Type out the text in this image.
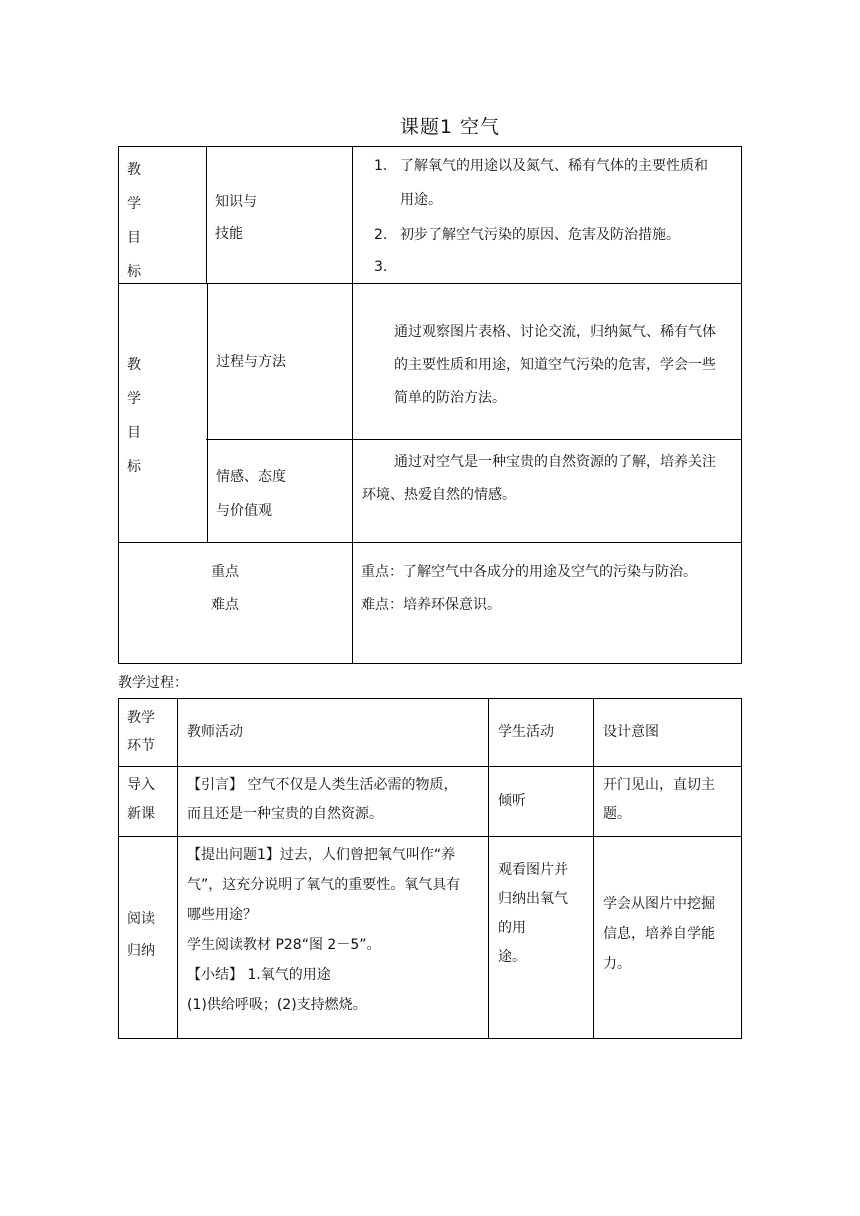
课题1 空气
教
学
目
标
知识与
技能
1. 了解氧气的用途以及氮气、稀有气体的主要性质和
用途。
2. 初步了解空气污染的原因、危害及防治措施。
3.
教
学
目
标
过程与方法
通过观察图片表格、讨论交流，归纳氮气、稀有气体
的主要性质和用途，知道空气污染的危害，学会一些
简单的防治方法。
情感、态度
与价值观
通过对空气是一种宝贵的自然资源的了解，培养关注
环境、热爱自然的情感。
重点
难点
重点：了解空气中各成分的用途及空气的污染与防治。
难点：培养环保意识。
教学过程：
教学
环节
教师活动	学生活动	设计意图
导入
新课
【引言】 空气不仅是人类生活必需的物质，
而且还是一种宝贵的自然资源。
倾听
开门见山，直切主
题。
阅读
归纳
【提出问题1】过去，人们曾把氧气叫作“养
气”，这充分说明了氧气的重要性。氧气具有
哪些用途？
学生阅读教材 P28“图 2－5”。
【小结】 1.氧气的用途
(1)供给呼吸；(2)支持燃烧。
观看图片并
归纳出氧气
的用
途。
学会从图片中挖掘
信息，培养自学能
力。
